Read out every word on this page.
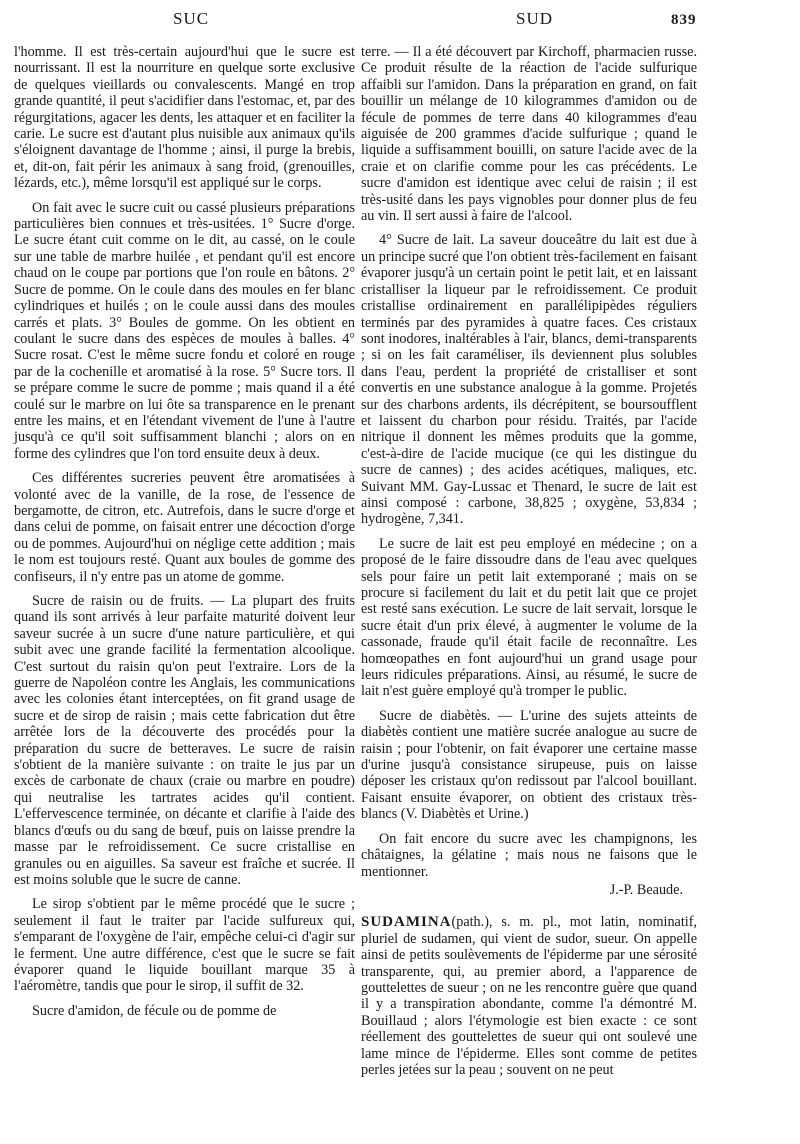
SUC	SUD	839

l'homme. Il est très-certain aujourd'hui que le sucre est nourrissant. Il est la nourriture en quelque sorte exclusive de quelques vieillards ou convalescents. Mangé en trop grande quantité, il peut s'acidifier dans l'estomac, et, par des régurgitations, agacer les dents, les attaquer et en faciliter la carie. Le sucre est d'autant plus nuisible aux animaux qu'ils s'éloignent davantage de l'homme ; ainsi, il purge la brebis, et, dit-on, fait périr les animaux à sang froid, (grenouilles, lézards, etc.), même lorsqu'il est appliqué sur le corps.

On fait avec le sucre cuit ou cassé plusieurs préparations particulières bien connues et très-usitées. 1° Sucre d'orge. Le sucre étant cuit comme on le dit, au cassé, on le coule sur une table de marbre huilée , et pendant qu'il est encore chaud on le coupe par portions que l'on roule en bâtons. 2° Sucre de pomme. On le coule dans des moules en fer blanc cylindriques et huilés ; on le coule aussi dans des moules carrés et plats. 3° Boules de gomme. On les obtient en coulant le sucre dans des espèces de moules à balles. 4° Sucre rosat. C'est le même sucre fondu et coloré en rouge par de la cochenille et aromatisé à la rose. 5° Sucre tors. Il se prépare comme le sucre de pomme ; mais quand il a été coulé sur le marbre on lui ôte sa transparence en le prenant entre les mains, et en l'étendant vivement de l'une à l'autre jusqu'à ce qu'il soit suffisamment blanchi ; alors on en forme des cylindres que l'on tord ensuite deux à deux.

Ces différentes sucreries peuvent être aromatisées à volonté avec de la vanille, de la rose, de l'essence de bergamotte, de citron, etc. Autrefois, dans le sucre d'orge et dans celui de pomme, on faisait entrer une décoction d'orge ou de pommes. Aujourd'hui on néglige cette addition ; mais le nom est toujours resté. Quant aux boules de gomme des confiseurs, il n'y entre pas un atome de gomme.

Sucre de raisin ou de fruits. — La plupart des fruits quand ils sont arrivés à leur parfaite maturité doivent leur saveur sucrée à un sucre d'une nature particulière, et qui subit avec une grande facilité la fermentation alcoolique. C'est surtout du raisin qu'on peut l'extraire. Lors de la guerre de Napoléon contre les Anglais, les communications avec les colonies étant interceptées, on fit grand usage de sucre et de sirop de raisin ; mais cette fabrication dut être arrêtée lors de la découverte des procédés pour la préparation du sucre de betteraves. Le sucre de raisin s'obtient de la manière suivante : on traite le jus par un excès de carbonate de chaux (craie ou marbre en poudre) qui neutralise les tartrates acides qu'il contient. L'effervescence terminée, on décante et clarifie à l'aide des blancs d'œufs ou du sang de bœuf, puis on laisse prendre la masse par le refroidissement. Ce sucre cristallise en granules ou en aiguilles. Sa saveur est fraîche et sucrée. Il est moins soluble que le sucre de canne.

Le sirop s'obtient par le même procédé que le sucre ; seulement il faut le traiter par l'acide sulfureux qui, s'emparant de l'oxygène de l'air, empêche celui-ci d'agir sur le ferment. Une autre différence, c'est que le sucre se fait évaporer quand le liquide bouillant marque 35 à l'aéromètre, tandis que pour le sirop, il suffit de 32.

Sucre d'amidon, de fécule ou de pomme de

terre. — Il a été découvert par Kirchoff, pharmacien russe. Ce produit résulte de la réaction de l'acide sulfurique affaibli sur l'amidon. Dans la préparation en grand, on fait bouillir un mélange de 10 kilogrammes d'amidon ou de fécule de pommes de terre dans 40 kilogrammes d'eau aiguisée de 200 grammes d'acide sulfurique ; quand le liquide a suffisamment bouilli, on sature l'acide avec de la craie et on clarifie comme pour les cas précédents. Le sucre d'amidon est identique avec celui de raisin ; il est très-usité dans les pays vignobles pour donner plus de feu au vin. Il sert aussi à faire de l'alcool.

4° Sucre de lait. La saveur douceâtre du lait est due à un principe sucré que l'on obtient très-facilement en faisant évaporer jusqu'à un certain point le petit lait, et en laissant cristalliser la liqueur par le refroidissement. Ce produit cristallise ordinairement en parallélipipèdes réguliers terminés par des pyramides à quatre faces. Ces cristaux sont inodores, inaltérables à l'air, blancs, demi-transparents ; si on les fait caraméliser, ils deviennent plus solubles dans l'eau, perdent la propriété de cristalliser et sont convertis en une substance analogue à la gomme. Projetés sur des charbons ardents, ils décrépitent, se boursoufflent et laissent du charbon pour résidu. Traités, par l'acide nitrique il donnent les mêmes produits que la gomme, c'est-à-dire de l'acide mucique (ce qui les distingue du sucre de cannes) ; des acides acétiques, maliques, etc. Suivant MM. Gay-Lussac et Thenard, le sucre de lait est ainsi composé : carbone, 38,825 ; oxygène, 53,834 ; hydrogène, 7,341.

Le sucre de lait est peu employé en médecine ; on a proposé de le faire dissoudre dans de l'eau avec quelques sels pour faire un petit lait extemporané ; mais on se procure si facilement du lait et du petit lait que ce projet est resté sans exécution. Le sucre de lait servait, lorsque le sucre était d'un prix élevé, à augmenter le volume de la cassonade, fraude qu'il était facile de reconnaître. Les homœopathes en font aujourd'hui un grand usage pour leurs ridicules préparations. Ainsi, au résumé, le sucre de lait n'est guère employé qu'à tromper le public.

Sucre de diabètès. — L'urine des sujets atteints de diabètès contient une matière sucrée analogue au sucre de raisin ; pour l'obtenir, on fait évaporer une certaine masse d'urine jusqu'à consistance sirupeuse, puis on laisse déposer les cristaux qu'on redissout par l'alcool bouillant. Faisant ensuite évaporer, on obtient des cristaux très-blancs (V. Diabètès et Urine.)

On fait encore du sucre avec les champignons, les châtaignes, la gélatine ; mais nous ne faisons que le mentionner.

J.-P. Beaude.

SUDAMINA(path.), s. m. pl., mot latin, nominatif, pluriel de sudamen, qui vient de sudor, sueur. On appelle ainsi de petits soulèvements de l'épiderme par une sérosité transparente, qui, au premier abord, a l'apparence de gouttelettes de sueur ; on ne les rencontre guère que quand il y a transpiration abondante, comme l'a démontré M. Bouillaud ; alors l'étymologie est bien exacte : ce sont réellement des gouttelettes de sueur qui ont soulevé une lame mince de l'épiderme. Elles sont comme de petites perles jetées sur la peau ; souvent on ne peut
